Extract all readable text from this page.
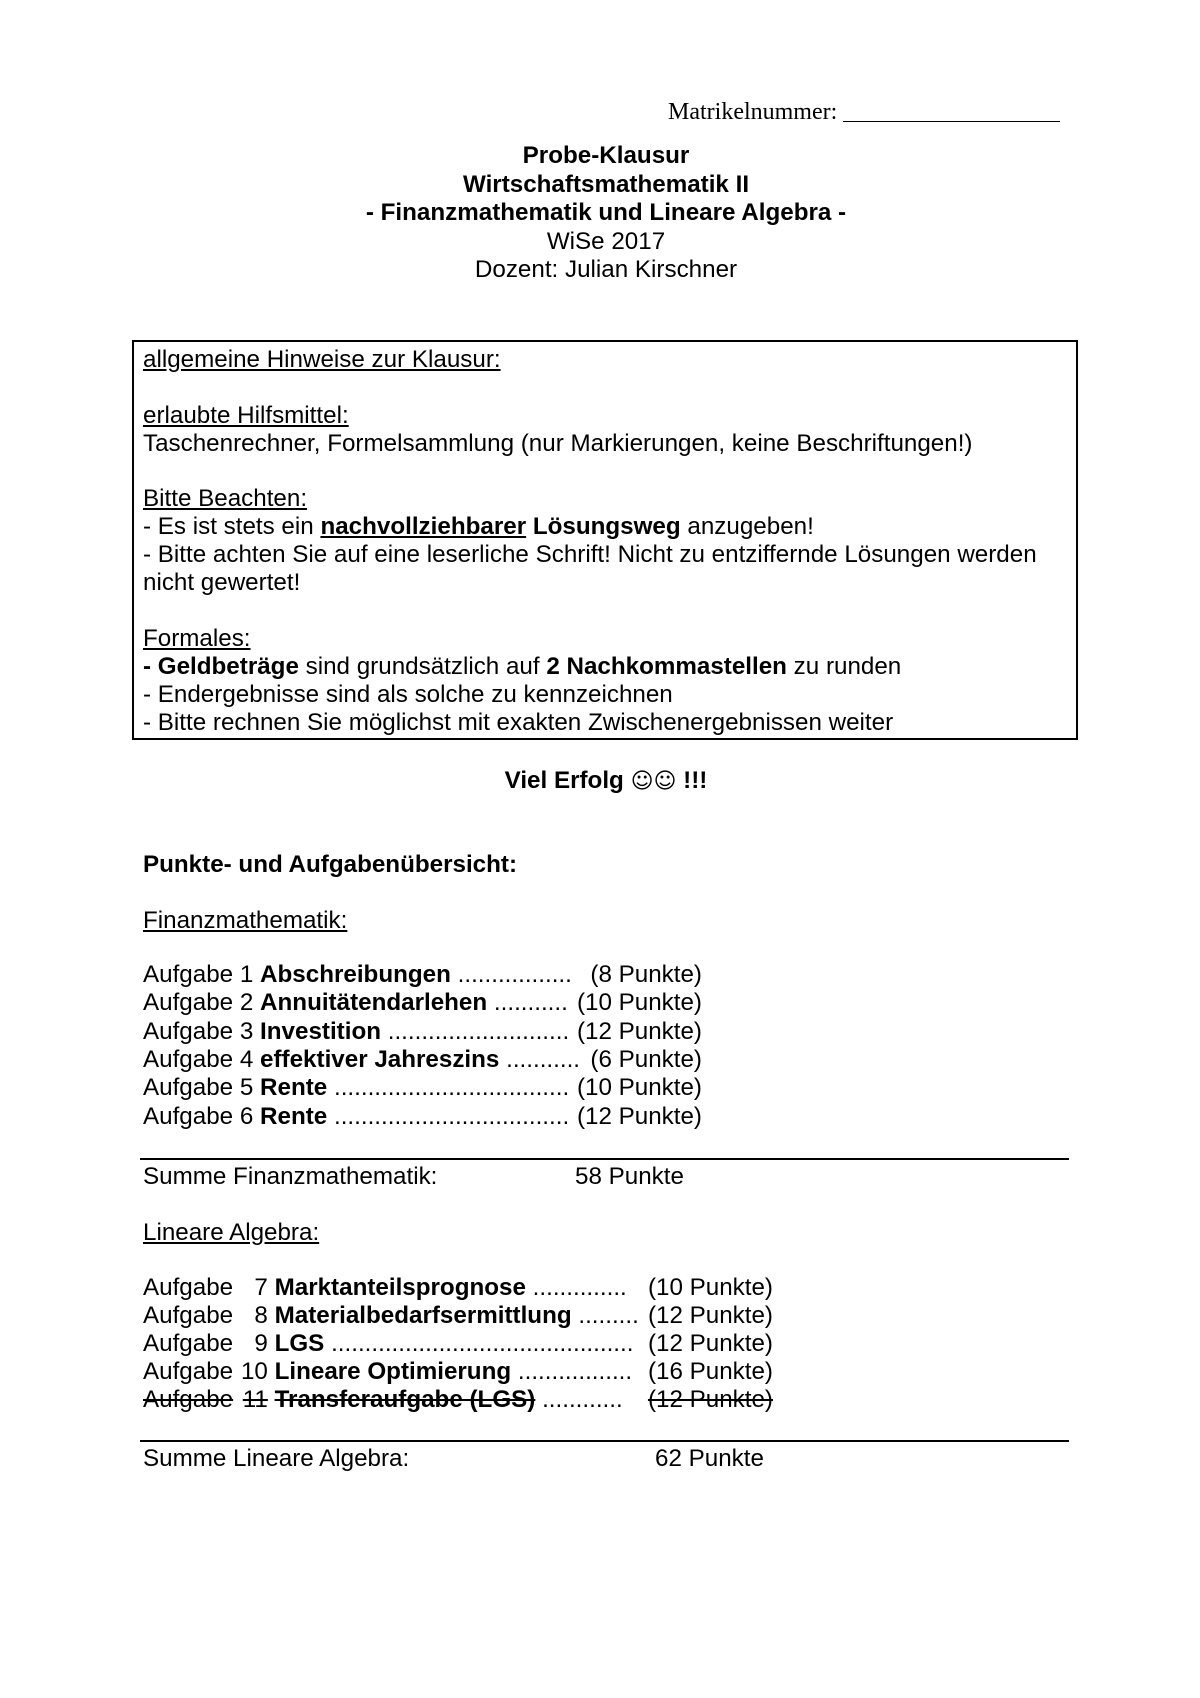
Matrikelnummer:
Probe-Klausur
Wirtschaftsmathematik II
- Finanzmathematik und Lineare Algebra -
WiSe 2017
Dozent: Julian Kirschner
allgemeine Hinweise zur Klausur:
erlaubte Hilfsmittel:
Taschenrechner, Formelsammlung (nur Markierungen, keine Beschriftungen!)
Bitte Beachten:
- Es ist stets ein nachvollziehbarer Lösungsweg anzugeben!
- Bitte achten Sie auf eine leserliche Schrift! Nicht zu entziffernde Lösungen werden
nicht gewertet!
Formales:
- Geldbeträge sind grundsätzlich auf 2 Nachkommastellen zu runden
- Endergebnisse sind als solche zu kennzeichnen
- Bitte rechnen Sie möglichst mit exakten Zwischenergebnissen weiter
Viel Erfolg ☺☺ !!!
Punkte- und Aufgabenübersicht:
Finanzmathematik:
Aufgabe 1 Abschreibungen ................. (8 Punkte)
Aufgabe 2 Annuitätendarlehen ........... (10 Punkte)
Aufgabe 3 Investition ........................... (12 Punkte)
Aufgabe 4 effektiver Jahreszins ........... (6 Punkte)
Aufgabe 5 Rente ................................... (10 Punkte)
Aufgabe 6 Rente ................................... (12 Punkte)
Summe Finanzmathematik:	58 Punkte
Lineare Algebra:
Aufgabe 7 Marktanteilsprognose .............. (10 Punkte)
Aufgabe 8 Materialbedarfsermittlung ......... (12 Punkte)
Aufgabe 9 LGS ............................................. (12 Punkte)
Aufgabe 10 Lineare Optimierung ................. (16 Punkte)
Aufgabe 11 Transferaufgabe (LGS) ............	(12 Punkte)
Summe Lineare Algebra:	62 Punkte
